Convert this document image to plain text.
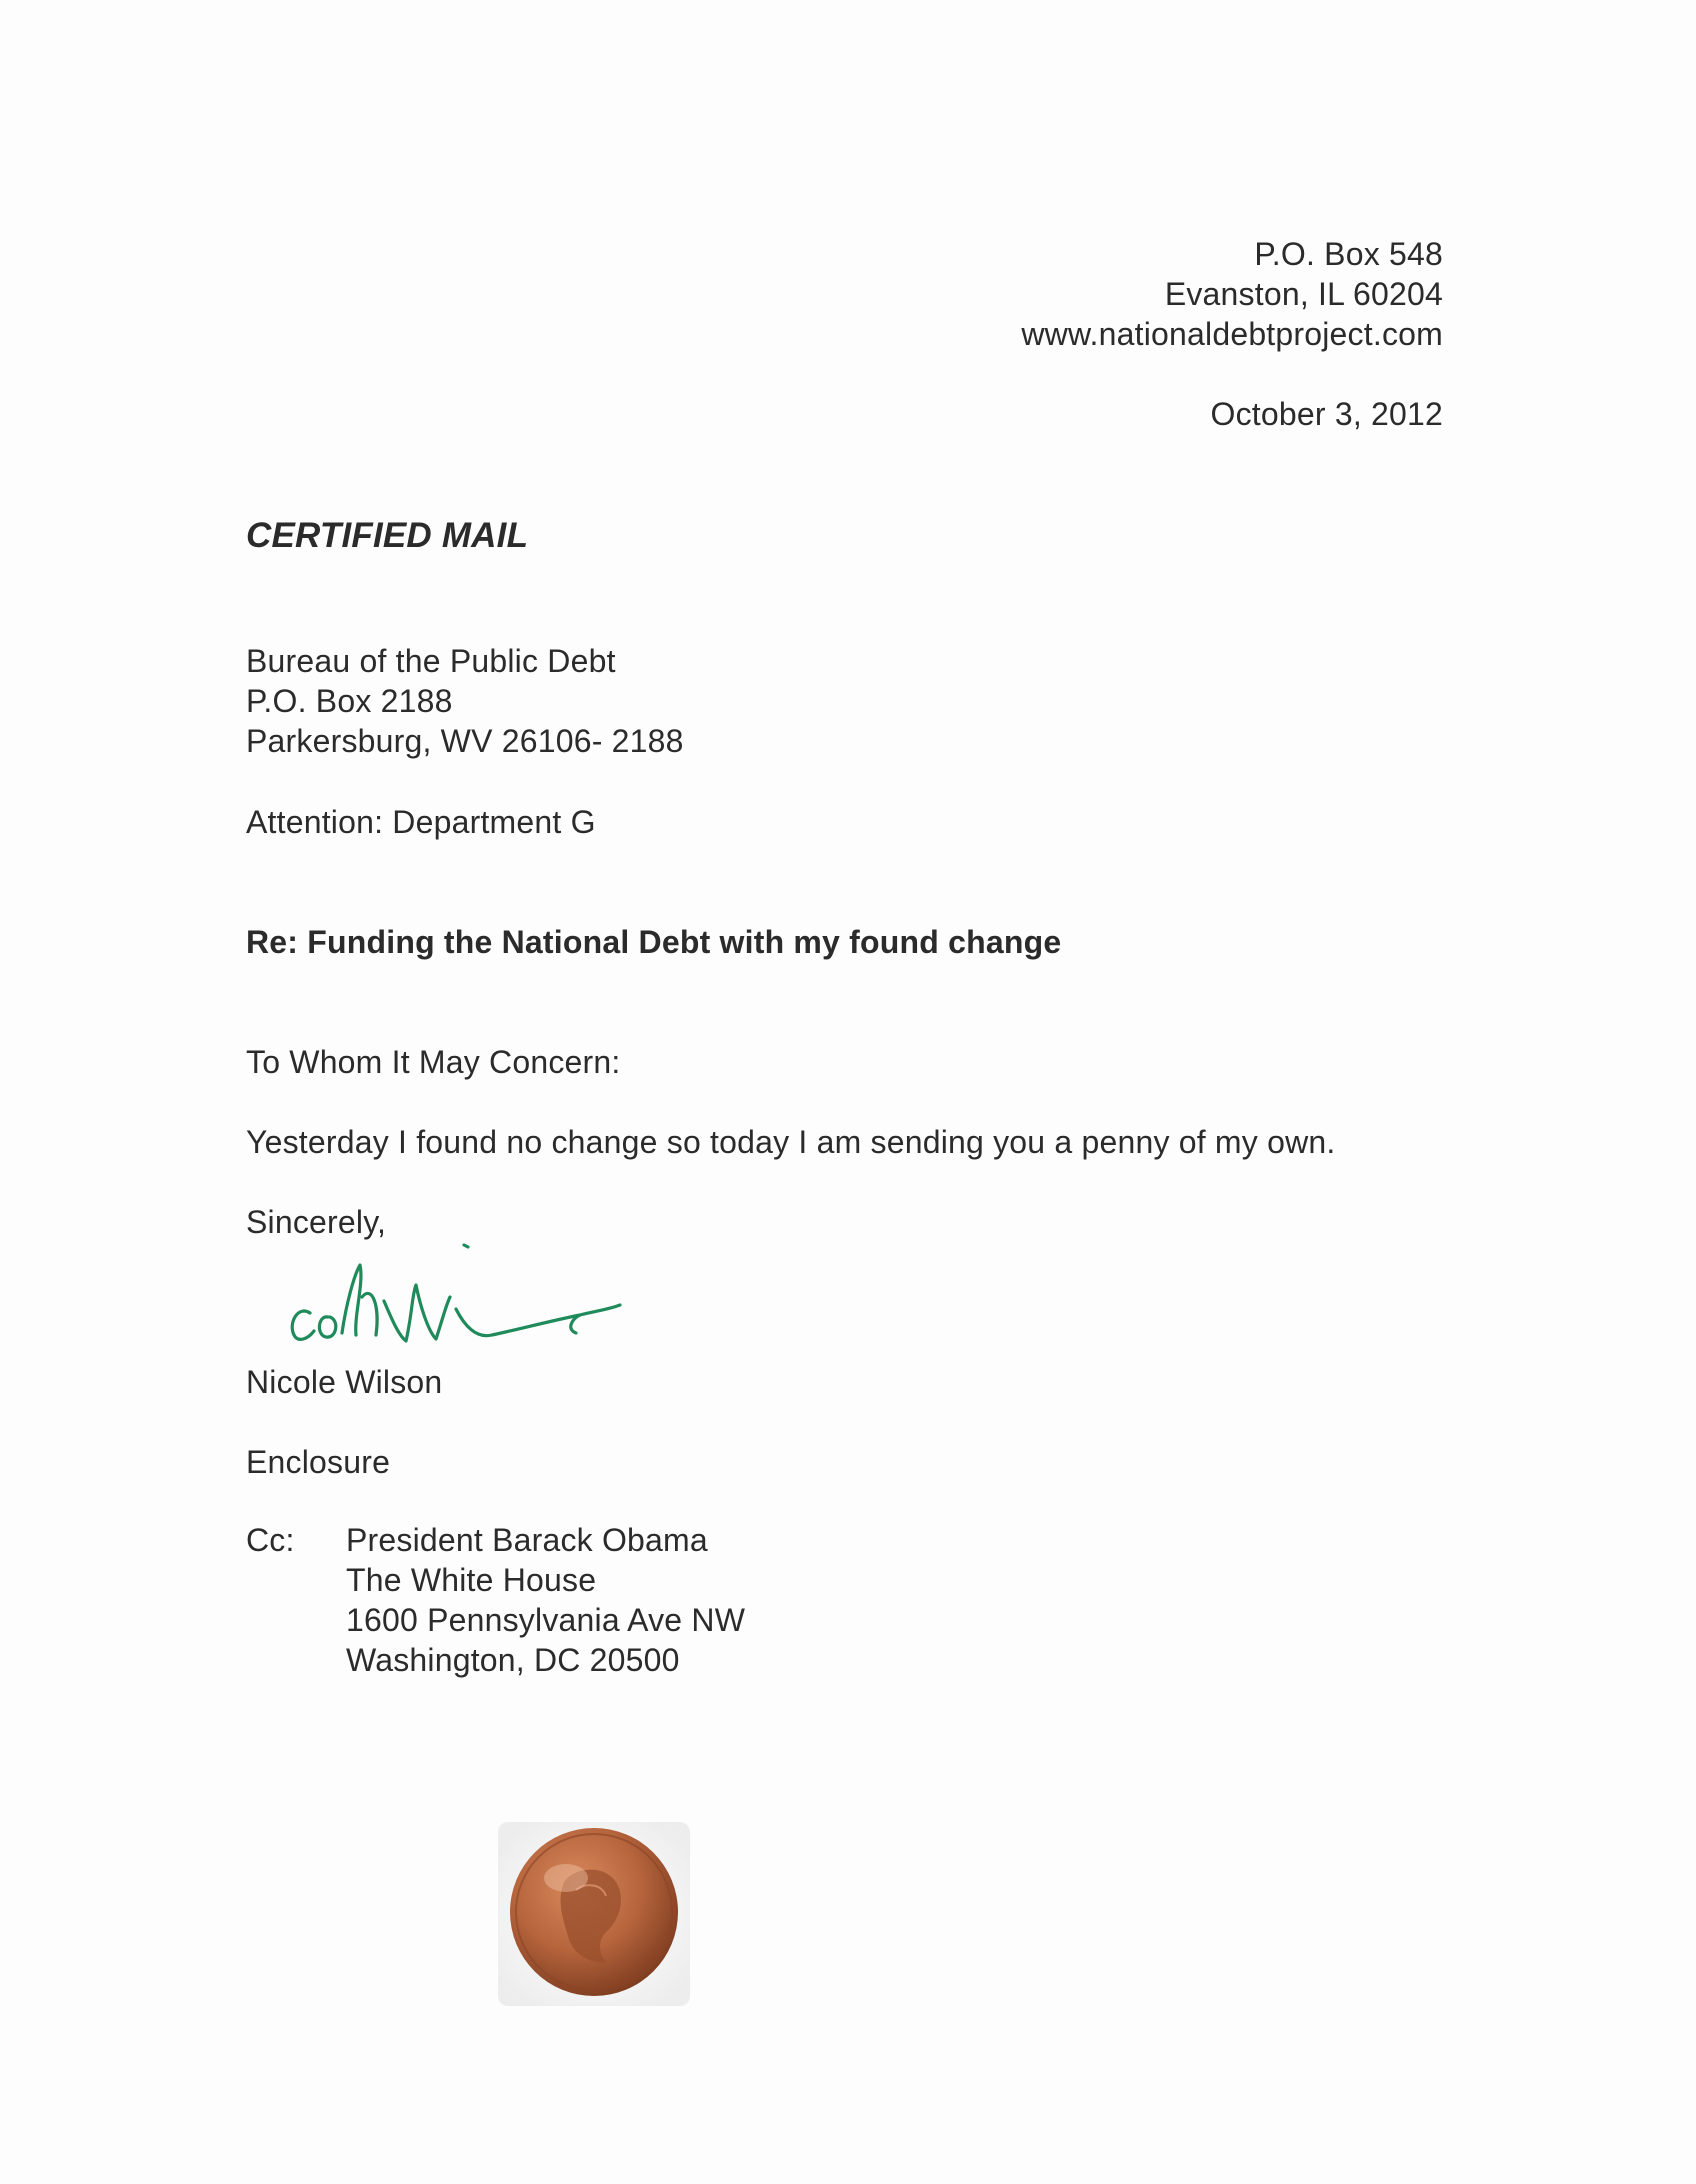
P.O. Box 548
Evanston, IL 60204
www.nationaldebtproject.com
October 3, 2012
CERTIFIED MAIL
Bureau of the Public Debt
P.O. Box 2188
Parkersburg, WV 26106- 2188
Attention: Department G
Re: Funding the National Debt with my found change
To Whom It May Concern:
Yesterday I found no change so today I am sending you a penny of my own.
Sincerely,
Nicole Wilson
Enclosure
Cc: President Barack Obama
The White House
1600 Pennsylvania Ave NW
Washington, DC 20500
